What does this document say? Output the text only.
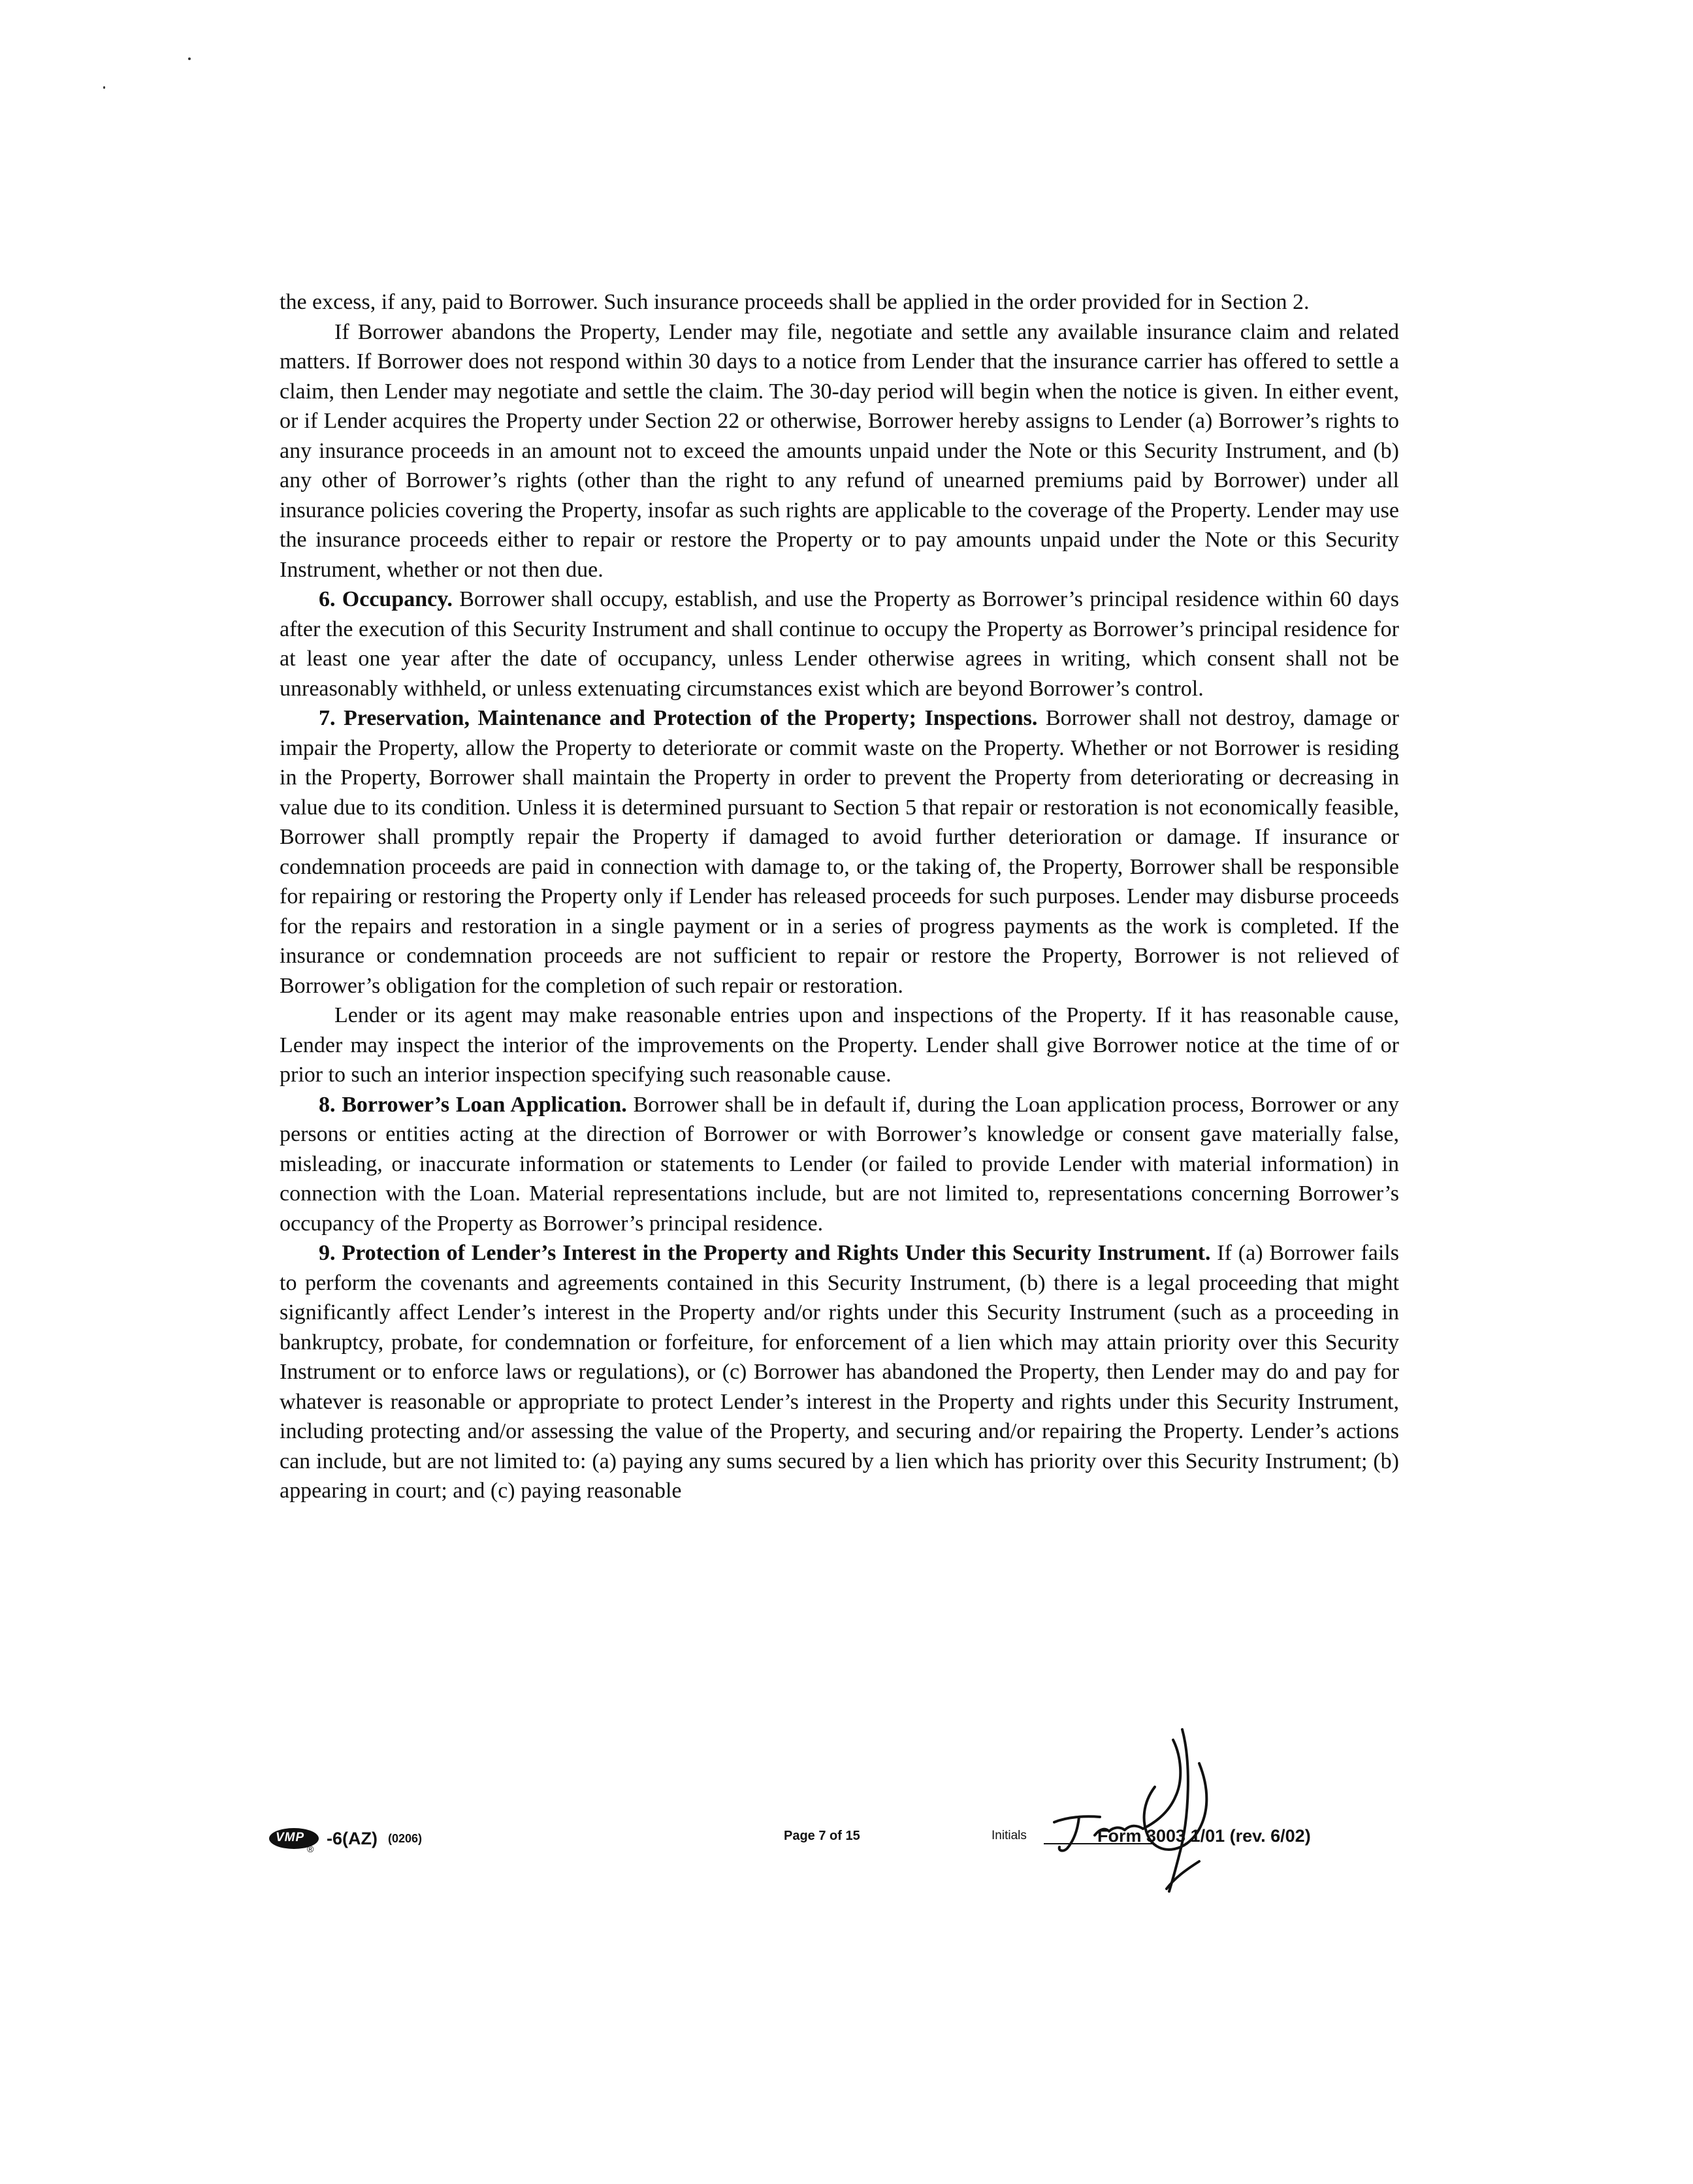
the excess, if any, paid to Borrower. Such insurance proceeds shall be applied in the order provided for in Section 2.

If Borrower abandons the Property, Lender may file, negotiate and settle any available insurance claim and related matters. If Borrower does not respond within 30 days to a notice from Lender that the insurance carrier has offered to settle a claim, then Lender may negotiate and settle the claim. The 30-day period will begin when the notice is given. In either event, or if Lender acquires the Property under Section 22 or otherwise, Borrower hereby assigns to Lender (a) Borrower’s rights to any insurance proceeds in an amount not to exceed the amounts unpaid under the Note or this Security Instrument, and (b) any other of Borrower’s rights (other than the right to any refund of unearned premiums paid by Borrower) under all insurance policies covering the Property, insofar as such rights are applicable to the coverage of the Property. Lender may use the insurance proceeds either to repair or restore the Property or to pay amounts unpaid under the Note or this Security Instrument, whether or not then due.

6. Occupancy. Borrower shall occupy, establish, and use the Property as Borrower’s principal residence within 60 days after the execution of this Security Instrument and shall continue to occupy the Property as Borrower’s principal residence for at least one year after the date of occupancy, unless Lender otherwise agrees in writing, which consent shall not be unreasonably withheld, or unless extenuating circumstances exist which are beyond Borrower’s control.

7. Preservation, Maintenance and Protection of the Property; Inspections. Borrower shall not destroy, damage or impair the Property, allow the Property to deteriorate or commit waste on the Property. Whether or not Borrower is residing in the Property, Borrower shall maintain the Property in order to prevent the Property from deteriorating or decreasing in value due to its condition. Unless it is determined pursuant to Section 5 that repair or restoration is not economically feasible, Borrower shall promptly repair the Property if damaged to avoid further deterioration or damage. If insurance or condemnation proceeds are paid in connection with damage to, or the taking of, the Property, Borrower shall be responsible for repairing or restoring the Property only if Lender has released proceeds for such purposes. Lender may disburse proceeds for the repairs and restoration in a single payment or in a series of progress payments as the work is completed. If the insurance or condemnation proceeds are not sufficient to repair or restore the Property, Borrower is not relieved of Borrower’s obligation for the completion of such repair or restoration.

Lender or its agent may make reasonable entries upon and inspections of the Property. If it has reasonable cause, Lender may inspect the interior of the improvements on the Property. Lender shall give Borrower notice at the time of or prior to such an interior inspection specifying such reasonable cause.

8. Borrower’s Loan Application. Borrower shall be in default if, during the Loan application process, Borrower or any persons or entities acting at the direction of Borrower or with Borrower’s knowledge or consent gave materially false, misleading, or inaccurate information or statements to Lender (or failed to provide Lender with material information) in connection with the Loan. Material representations include, but are not limited to, representations concerning Borrower’s occupancy of the Property as Borrower’s principal residence.

9. Protection of Lender’s Interest in the Property and Rights Under this Security Instrument. If (a) Borrower fails to perform the covenants and agreements contained in this Security Instrument, (b) there is a legal proceeding that might significantly affect Lender’s interest in the Property and/or rights under this Security Instrument (such as a proceeding in bankruptcy, probate, for condemnation or forfeiture, for enforcement of a lien which may attain priority over this Security Instrument or to enforce laws or regulations), or (c) Borrower has abandoned the Property, then Lender may do and pay for whatever is reasonable or appropriate to protect Lender’s interest in the Property and rights under this Security Instrument, including protecting and/or assessing the value of the Property, and securing and/or repairing the Property. Lender’s actions can include, but are not limited to: (a) paying any sums secured by a lien which has priority over this Security Instrument; (b) appearing in court; and (c) paying reasonable

VMP
®
-6(AZ) (0206)	Page 7 of 15	Initials	Form 3003 1/01 (rev. 6/02)
